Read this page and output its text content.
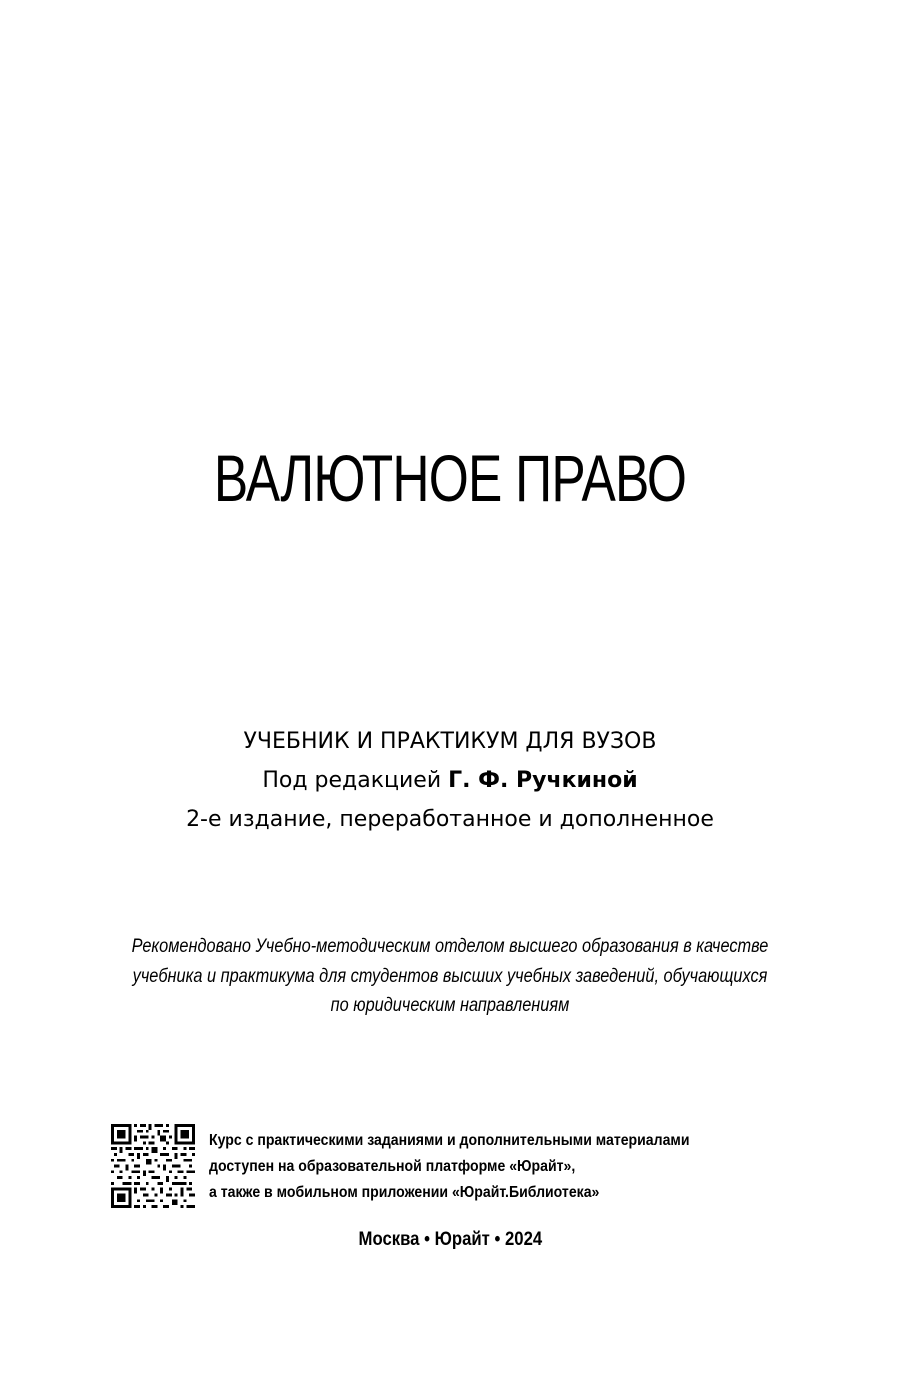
ВАЛЮТНОЕ ПРАВО
УЧЕБНИК И ПРАКТИКУМ ДЛЯ ВУЗОВ
Под редакцией Г. Ф. Ручкиной
2-е издание, переработанное и дополненное
Рекомендовано Учебно-методическим отделом высшего образования в качестве
учебника и практикума для студентов высших учебных заведений, обучающихся
по юридическим направлениям
Курс с практическими заданиями и дополнительными материалами
доступен на образовательной платформе «Юрайт»,
а также в мобильном приложении «Юрайт.Библиотека»
Москва • Юрайт • 2024
